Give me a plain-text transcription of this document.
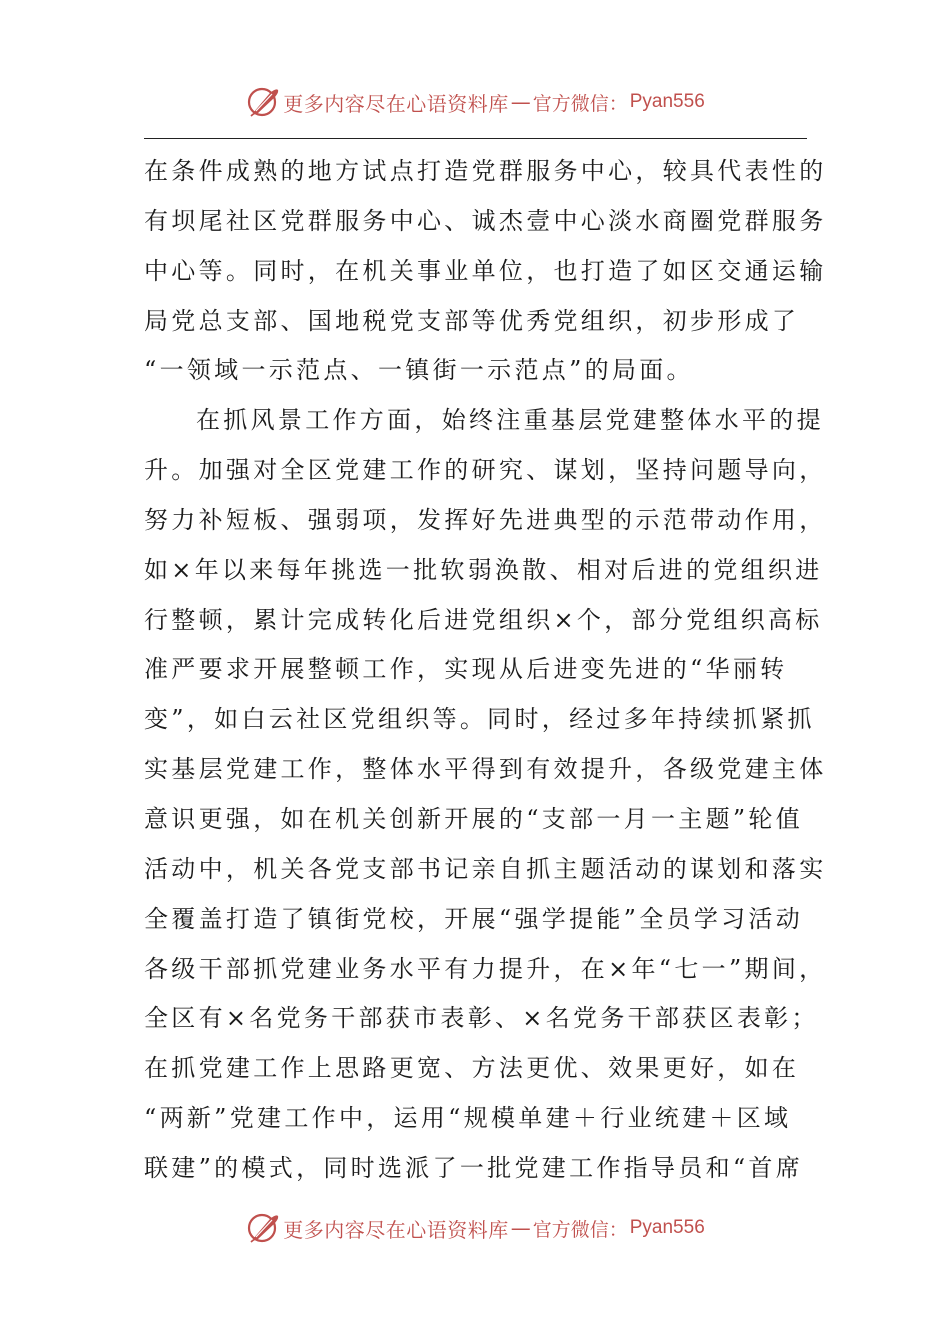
更多内容尽在心语资料库 — 官方微信： Pyan556
在条件成熟的地方试点打造党群服务中心，较具代表性的
有坝尾社区党群服务中心、诚杰壹中心淡水商圈党群服务
中心等。同时，在机关事业单位，也打造了如区交通运输
局党总支部、国地税党支部等优秀党组织，初步形成了
“一领域一示范点、一镇街一示范点”的局面。
在抓风景工作方面，始终注重基层党建整体水平的提
升。加强对全区党建工作的研究、谋划，坚持问题导向，
努力补短板、强弱项，发挥好先进典型的示范带动作用，
如×年以来每年挑选一批软弱涣散、相对后进的党组织进
行整顿，累计完成转化后进党组织×个，部分党组织高标
准严要求开展整顿工作，实现从后进变先进的“华丽转
变”，如白云社区党组织等。同时，经过多年持续抓紧抓
实基层党建工作，整体水平得到有效提升，各级党建主体
意识更强，如在机关创新开展的“支部一月一主题”轮值
活动中，机关各党支部书记亲自抓主题活动的谋划和落实
全覆盖打造了镇街党校，开展“强学提能”全员学习活动
各级干部抓党建业务水平有力提升，在×年“七一”期间，
全区有×名党务干部获市表彰、×名党务干部获区表彰；
在抓党建工作上思路更宽、方法更优、效果更好，如在
“两新”党建工作中，运用“规模单建＋行业统建＋区域
联建”的模式，同时选派了一批党建工作指导员和“首席
更多内容尽在心语资料库 — 官方微信： Pyan556
